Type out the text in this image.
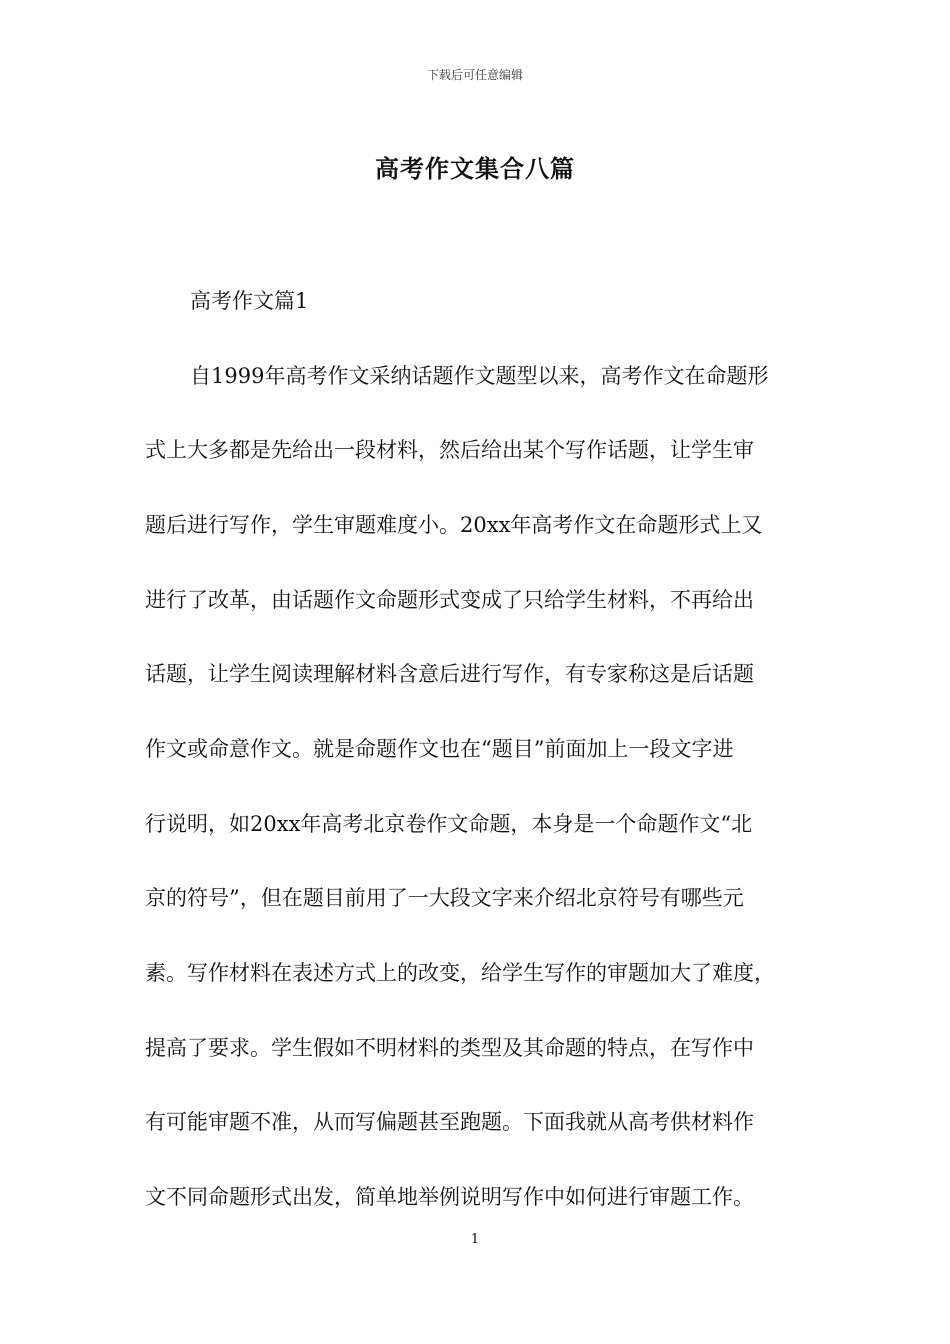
下载后可任意编辑
高考作文集合八篇
高考作文篇1

自1999年高考作文采纳话题作文题型以来，高考作文在命题形

式上大多都是先给出一段材料，然后给出某个写作话题，让学生审

题后进行写作，学生审题难度小。20xx年高考作文在命题形式上又

进行了改革，由话题作文命题形式变成了只给学生材料，不再给出

话题，让学生阅读理解材料含意后进行写作，有专家称这是后话题

作文或命意作文。就是命题作文也在“题目”前面加上一段文字进

行说明，如20xx年高考北京卷作文命题，本身是一个命题作文“北

京的符号”，但在题目前用了一大段文字来介绍北京符号有哪些元

素。写作材料在表述方式上的改变，给学生写作的审题加大了难度，

提高了要求。学生假如不明材料的类型及其命题的特点，在写作中

有可能审题不准，从而写偏题甚至跑题。下面我就从高考供材料作

文不同命题形式出发，简单地举例说明写作中如何进行审题工作。

1
